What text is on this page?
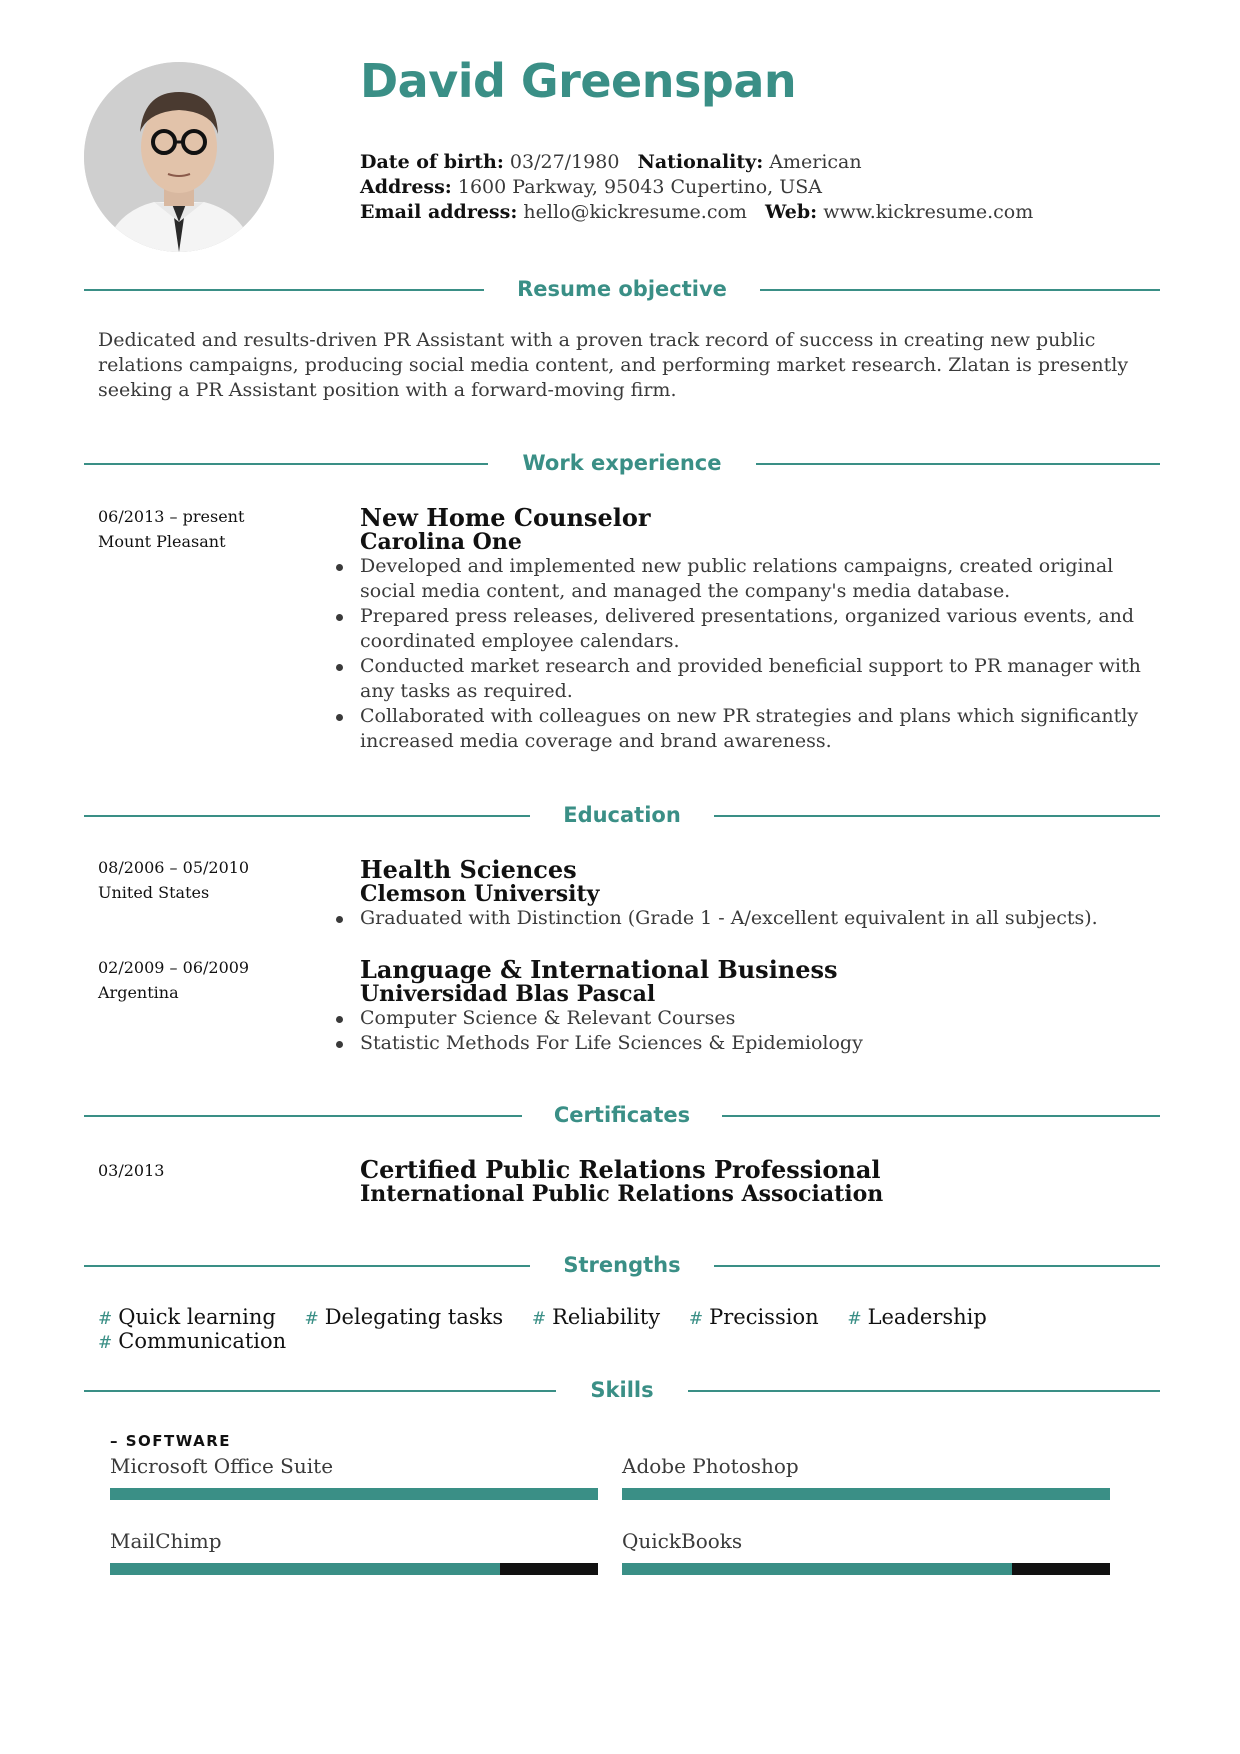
David Greenspan
Date of birth: 03/27/1980 Nationality: American
Address: 1600 Parkway, 95043 Cupertino, USA
Email address: hello@kickresume.com Web: www.kickresume.com
Resume objective

Dedicated and results-driven PR Assistant with a proven track record of success in creating new public relations campaigns, producing social media content, and performing market research. Zlatan is presently seeking a PR Assistant position with a forward-moving firm.

Work experience
06/2013 – present
Mount Pleasant
New Home Counselor
Carolina One
Developed and implemented new public relations campaigns, created original social media content, and managed the company's media database.
Prepared press releases, delivered presentations, organized various events, and coordinated employee calendars.
Conducted market research and provided beneficial support to PR manager with any tasks as required.
Collaborated with colleagues on new PR strategies and plans which significantly increased media coverage and brand awareness.
Education
08/2006 – 05/2010
United States
Health Sciences
Clemson University
Graduated with Distinction (Grade 1 - A/excellent equivalent in all subjects).
02/2009 – 06/2009
Argentina
Language & International Business
Universidad Blas Pascal
Computer Science & Relevant Courses
Statistic Methods For Life Sciences & Epidemiology
Certificates
03/2013	Certified Public Relations Professional
International Public Relations Association
Strengths
# Quick learning # Delegating tasks # Reliability # Precission # Leadership # Communication
Skills
– SOFTWARE
Microsoft Office Suite	Adobe Photoshop
MailChimp	QuickBooks
